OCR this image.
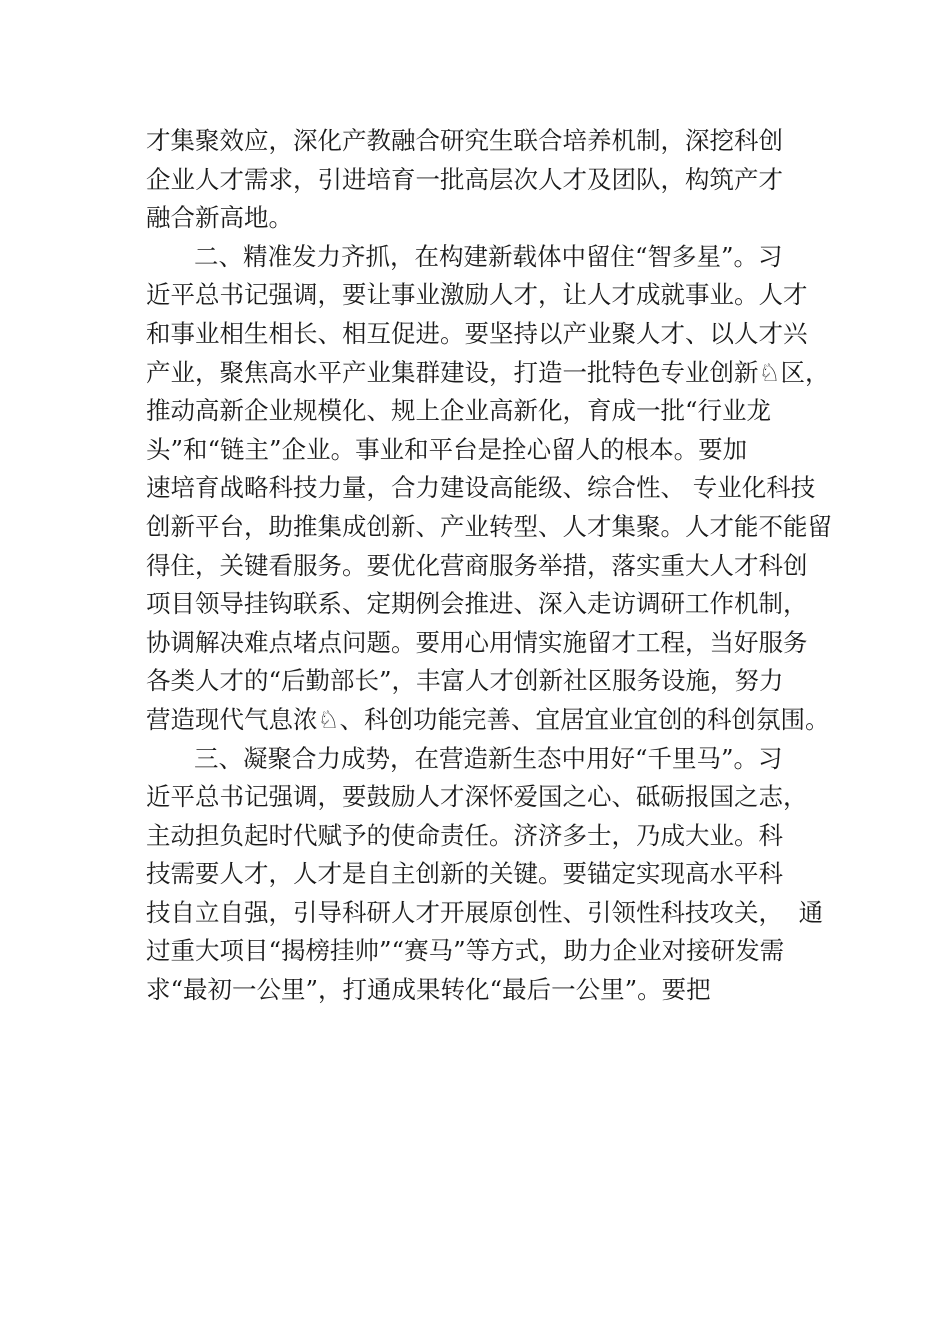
才集聚效应，深化产教融合研究生联合培养机制，深挖科创
企业人才需求，引进培育一批高层次人才及团队，构筑产才
融合新高地。
二、精准发力齐抓，在构建新载体中留住“智多星”。习
近平总书记强调，要让事业激励人才，让人才成就事业。人才
和事业相生相长、相互促进。要坚持以产业聚人才、以人才兴
产业，聚焦高水平产业集群建设，打造一批特色专业创新♘区，
推动高新企业规模化、规上企业高新化，育成一批“行业龙
头”和“链主”企业。事业和平台是拴心留人的根本。要加
速培育战略科技力量，合力建设高能级、综合性、 专业化科技
创新平台，助推集成创新、产业转型、人才集聚。人才能不能留
得住，关键看服务。要优化营商服务举措，落实重大人才科创
项目领导挂钩联系、定期例会推进、深入走访调研工作机制，
协调解决难点堵点问题。要用心用情实施留才工程，当好服务
各类人才的“后勤部长”，丰富人才创新社区服务设施，努力
营造现代气息浓♘、科创功能完善、宜居宜业宜创的科创氛围。
三、凝聚合力成势，在营造新生态中用好“千里马”。习
近平总书记强调，要鼓励人才深怀爱国之心、砥砺报国之志，
主动担负起时代赋予的使命责任。济济多士，乃成大业。科
技需要人才，人才是自主创新的关键。要锚定实现高水平科
技自立自强，引导科研人才开展原创性、引领性科技攻关，  通
过重大项目“揭榜挂帅”“赛马”等方式，助力企业对接研发需
求“最初一公里”，打通成果转化“最后一公里”。要把
